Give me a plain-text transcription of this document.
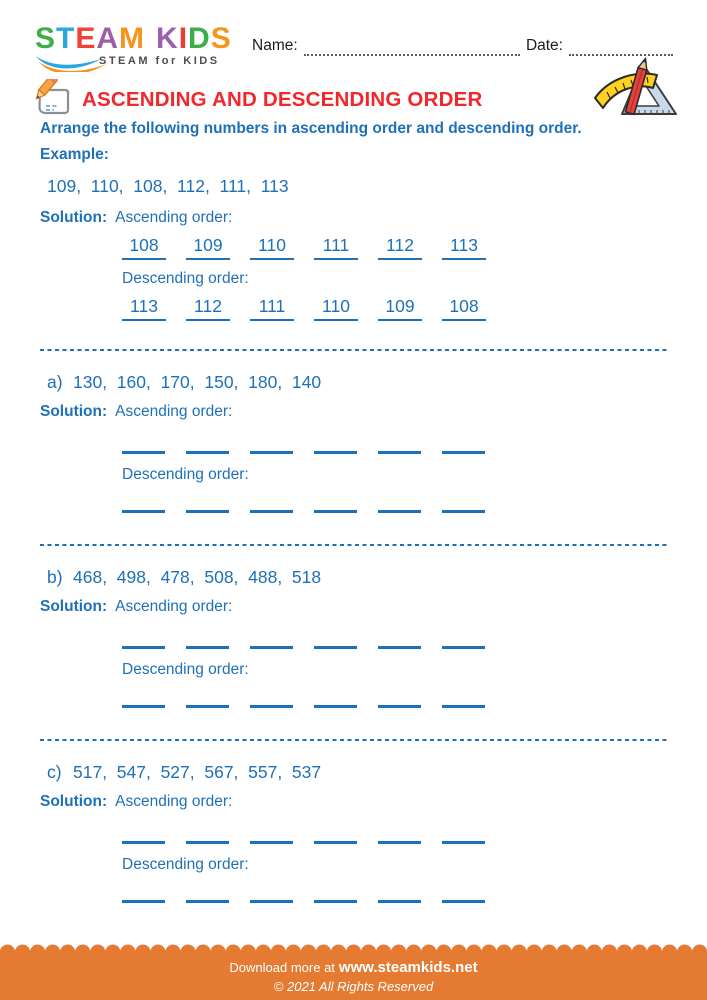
S T E A M K I D S
STEAM for KIDS
Name:	Date:
ASCENDING AND DESCENDING ORDER

Arrange the following numbers in ascending order and descending order.

Example:

109,  110,  108,  112,  111,  113
Solution: Ascending order:
108	109	110	111	112	113
Descending order:
113	112	111	110	109	108
a) 130,  160,  170,  150,  180,  140
Solution: Ascending order:
Descending order:
b) 468,  498,  478,  508,  488,  518
Solution: Ascending order:
Descending order:
c) 517,  547,  527,  567,  557,  537
Solution: Ascending order:
Descending order:
Download more at www.steamkids.net
© 2021 All Rights Reserved
